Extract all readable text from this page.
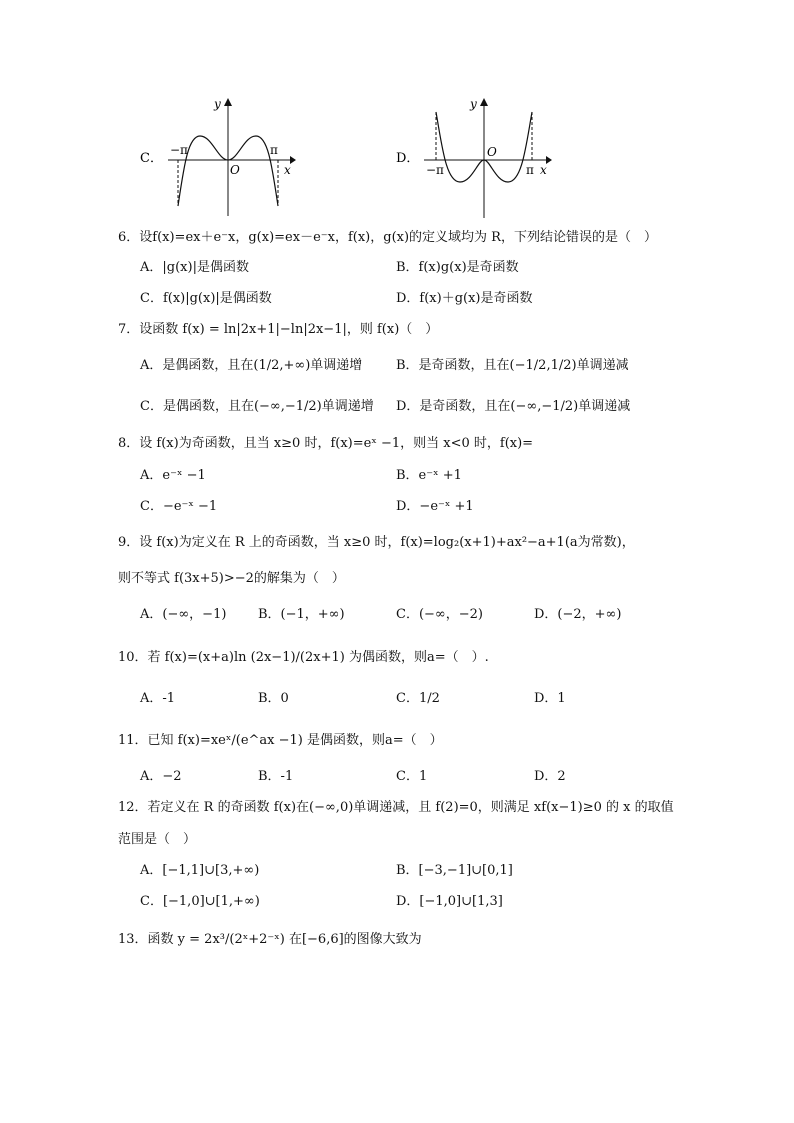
C．
−π	π
O	x
y
D．
−π	π
O
x
y
6．设f(x)=ex＋e⁻x，g(x)=ex－e⁻x，f(x)，g(x)的定义域均为 R，下列结论错误的是（　）
A．|g(x)|是偶函数	B．f(x)g(x)是奇函数
C．f(x)|g(x)|是偶函数	D．f(x)＋g(x)是奇函数
7．设函数 f(x) = ln|2x+1|−ln|2x−1|，则 f(x)（　）
A．是偶函数，且在(1/2,+∞)单调递增	B．是奇函数，且在(−1/2,1/2)单调递减
C．是偶函数，且在(−∞,−1/2)单调递增 D．是奇函数，且在(−∞,−1/2)单调递减
8．设 f(x)为奇函数，且当 x≥0 时，f(x)=eˣ −1，则当 x<0 时，f(x)=
A．e⁻ˣ −1	B．e⁻ˣ +1
C．−e⁻ˣ −1	D．−e⁻ˣ +1
9．设 f(x)为定义在 R 上的奇函数，当 x≥0 时，f(x)=log₂(x+1)+ax²−a+1(a为常数)，
则不等式 f(3x+5)>−2的解集为（　）
A．(−∞，−1) B．(−1，+∞)	C．(−∞，−2)	D．(−2，+∞)
10．若 f(x)=(x+a)ln (2x−1)/(2x+1) 为偶函数，则a=（　）.
A．-1	B．0	C．1/2	D．1
11．已知 f(x)=xeˣ/(e^ax −1) 是偶函数，则a=（　）
A．−2	B．-1	C．1	D．2
12．若定义在 R 的奇函数 f(x)在(−∞,0)单调递减，且 f(2)=0，则满足 xf(x−1)≥0 的 x 的取值
范围是（　）
A．[−1,1]∪[3,+∞)	B．[−3,−1]∪[0,1]
C．[−1,0]∪[1,+∞)	D．[−1,0]∪[1,3]
13．函数 y = 2x³/(2ˣ+2⁻ˣ) 在[−6,6]的图像大致为
